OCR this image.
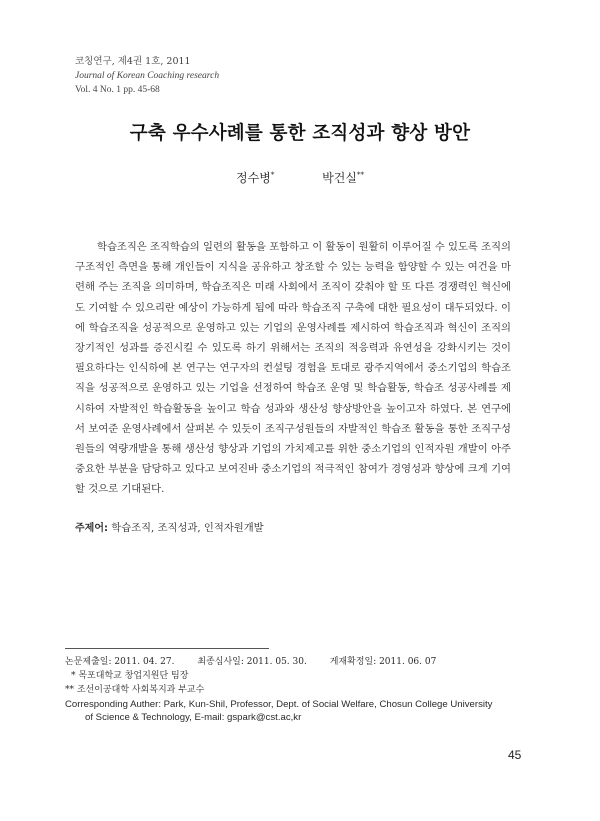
코칭연구, 제4권 1호, 2011
Journal of Korean Coaching research
Vol. 4 No. 1 pp. 45-68
구축 우수사례를 통한 조직성과 향상 방안
정수병*	박건실**

학습조직은 조직학습의 일련의 활동을 포함하고 이 활동이 원활히 이루어질 수 있도록 조직의 구조적인 측면을 통해 개인들이 지식을 공유하고 창조할 수 있는 능력을 함양할 수 있는 여건을 마련해 주는 조직을 의미하며, 학습조직은 미래 사회에서 조직이 갖춰야 할 또 다른 경쟁력인 혁신에도 기여할 수 있으리란 예상이 가능하게 됨에 따라 학습조직 구축에 대한 필요성이 대두되었다. 이에 학습조직을 성공적으로 운영하고 있는 기업의 운영사례를 제시하여 학습조직과 혁신이 조직의 장기적인 성과를 증진시킬 수 있도록 하기 위해서는 조직의 적응력과 유연성을 강화시키는 것이 필요하다는 인식하에 본 연구는 연구자의 컨설팅 경험을 토대로 광주지역에서 중소기업의 학습조직을 성공적으로 운영하고 있는 기업을 선정하여 학습조 운영 및 학습활동, 학습조 성공사례를 제시하여 자발적인 학습활동을 높이고 학습 성과와 생산성 향상방안을 높이고자 하였다. 본 연구에서 보여준 운영사례에서 살펴본 수 있듯이 조직구성원들의 자발적인 학습조 활동을 통한 조직구성원들의 역량개발을 통해 생산성 향상과 기업의 가치제고를 위한 중소기업의 인적자원 개발이 아주 중요한 부분을 담당하고 있다고 보여진바 중소기업의 적극적인 참여가 경영성과 향상에 크게 기여할 것으로 기대된다.

주제어: 학습조직, 조직성과, 인적자원개발
논문제출일: 2011. 04. 27.	최종심사일: 2011. 05. 30.	게재확정일: 2011. 06. 07
* 목포대학교 창업지원단 팀장
** 조선이공대학 사회복지과 부교수
Corresponding Auther: Park, Kun-Shil, Professor, Dept. of Social Welfare, Chosun College University
of Science & Technology, E-mail: gspark@cst.ac,kr
45
